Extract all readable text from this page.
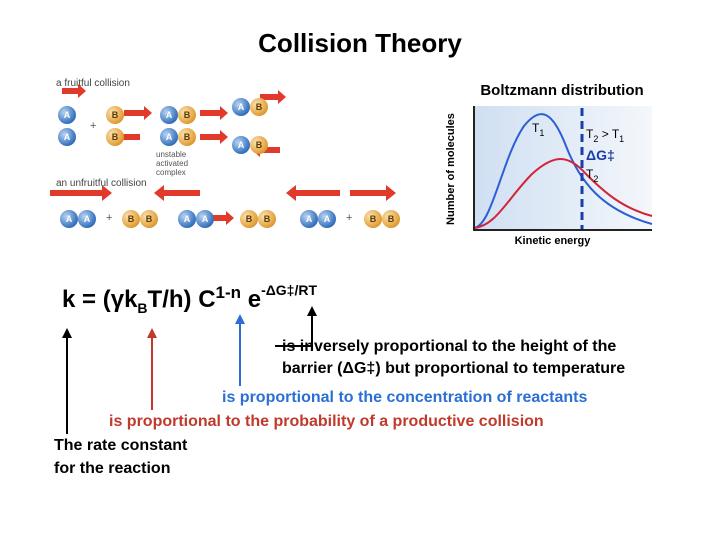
Collision Theory
a fruitful collision
A
A
+
B
B
A	B
A	B
unstable
activated
complex
A	B
A	B
an unfruitful collision
A	A	+	B	B	A	A	B	B	A	A	+	B	B
Boltzmann distribution
Number of molecules	$T_1$	$T_2 > T_1$
ΔG‡
$T_2$
Kinetic energy
$k = (\gamma k_BT/h)$ $C^{1-n}$ $e^{-\Delta G\ddagger/RT}$
is inversely proportional to the height of the
barrier (ΔG‡) but proportional to temperature
is proportional to the concentration of reactants
is proportional to the probability of a productive collision
The rate constant
for the reaction
